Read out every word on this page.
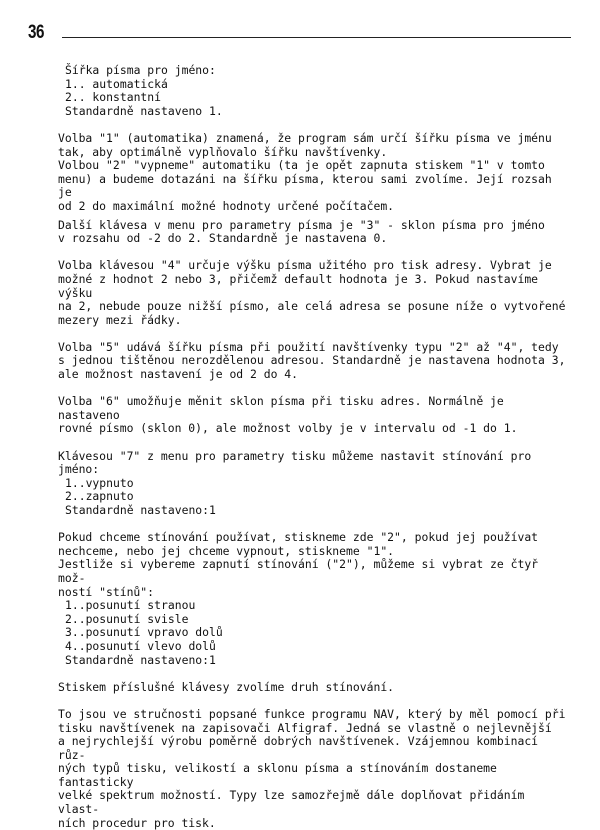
36
Šířka písma pro jméno:
1.. automatická
2.. konstantní
Standardně nastaveno 1.
Volba "1" (automatika) znamená, že program sám určí šířku písma ve jménu
tak, aby optimálně vyplňovalo šířku navštívenky.
Volbou "2" "vypneme" automatiku (ta je opět zapnuta stiskem "1" v tomto
menu) a budeme dotazáni na šířku písma, kterou sami zvolíme. Její rozsah je
od 2 do maximální možné hodnoty určené počítačem.
Další klávesa v menu pro parametry písma je "3" - sklon písma pro jméno
v rozsahu od -2 do 2. Standardně je nastavena 0.
Volba klávesou "4" určuje výšku písma užitého pro tisk adresy. Vybrat je
možné z hodnot 2 nebo 3, přičemž default hodnota je 3. Pokud nastavíme výšku
na 2, nebude pouze nižší písmo, ale celá adresa se posune níže o vytvořené
mezery mezi řádky.
Volba "5" udává šířku písma při použití navštívenky typu "2" až "4", tedy
s jednou tištěnou nerozdělenou adresou. Standardně je nastavena hodnota 3,
ale možnost nastavení je od 2 do 4.
Volba "6" umožňuje měnit sklon písma při tisku adres. Normálně je nastaveno
rovné písmo (sklon 0), ale možnost volby je v intervalu od -1 do 1.
Klávesou "7" z menu pro parametry tisku můžeme nastavit stínování pro
jméno:
1..vypnuto
2..zapnuto
Standardně nastaveno:1
Pokud chceme stínování používat, stiskneme zde "2", pokud jej používat
nechceme, nebo jej chceme vypnout, stiskneme "1".
Jestliže si vybereme zapnutí stínování ("2"), můžeme si vybrat ze čtyř mož-
ností "stínů":
1..posunutí stranou
2..posunutí svisle
3..posunutí vpravo dolů
4..posunutí vlevo dolů
Standardně nastaveno:1
Stiskem příslušné klávesy zvolíme druh stínování.
To jsou ve stručnosti popsané funkce programu NAV, který by měl pomocí při
tisku navštívenek na zapisovači Alfigraf. Jedná se vlastně o nejlevnější
a nejrychlejší výrobu poměrně dobrých navštívenek. Vzájemnou kombinací růz-
ných typů tisku, velikostí a sklonu písma a stínováním dostaneme fantasticky
velké spektrum možností. Typy lze samozřejmě dále doplňovat přidáním vlast-
ních procedur pro tisk.
